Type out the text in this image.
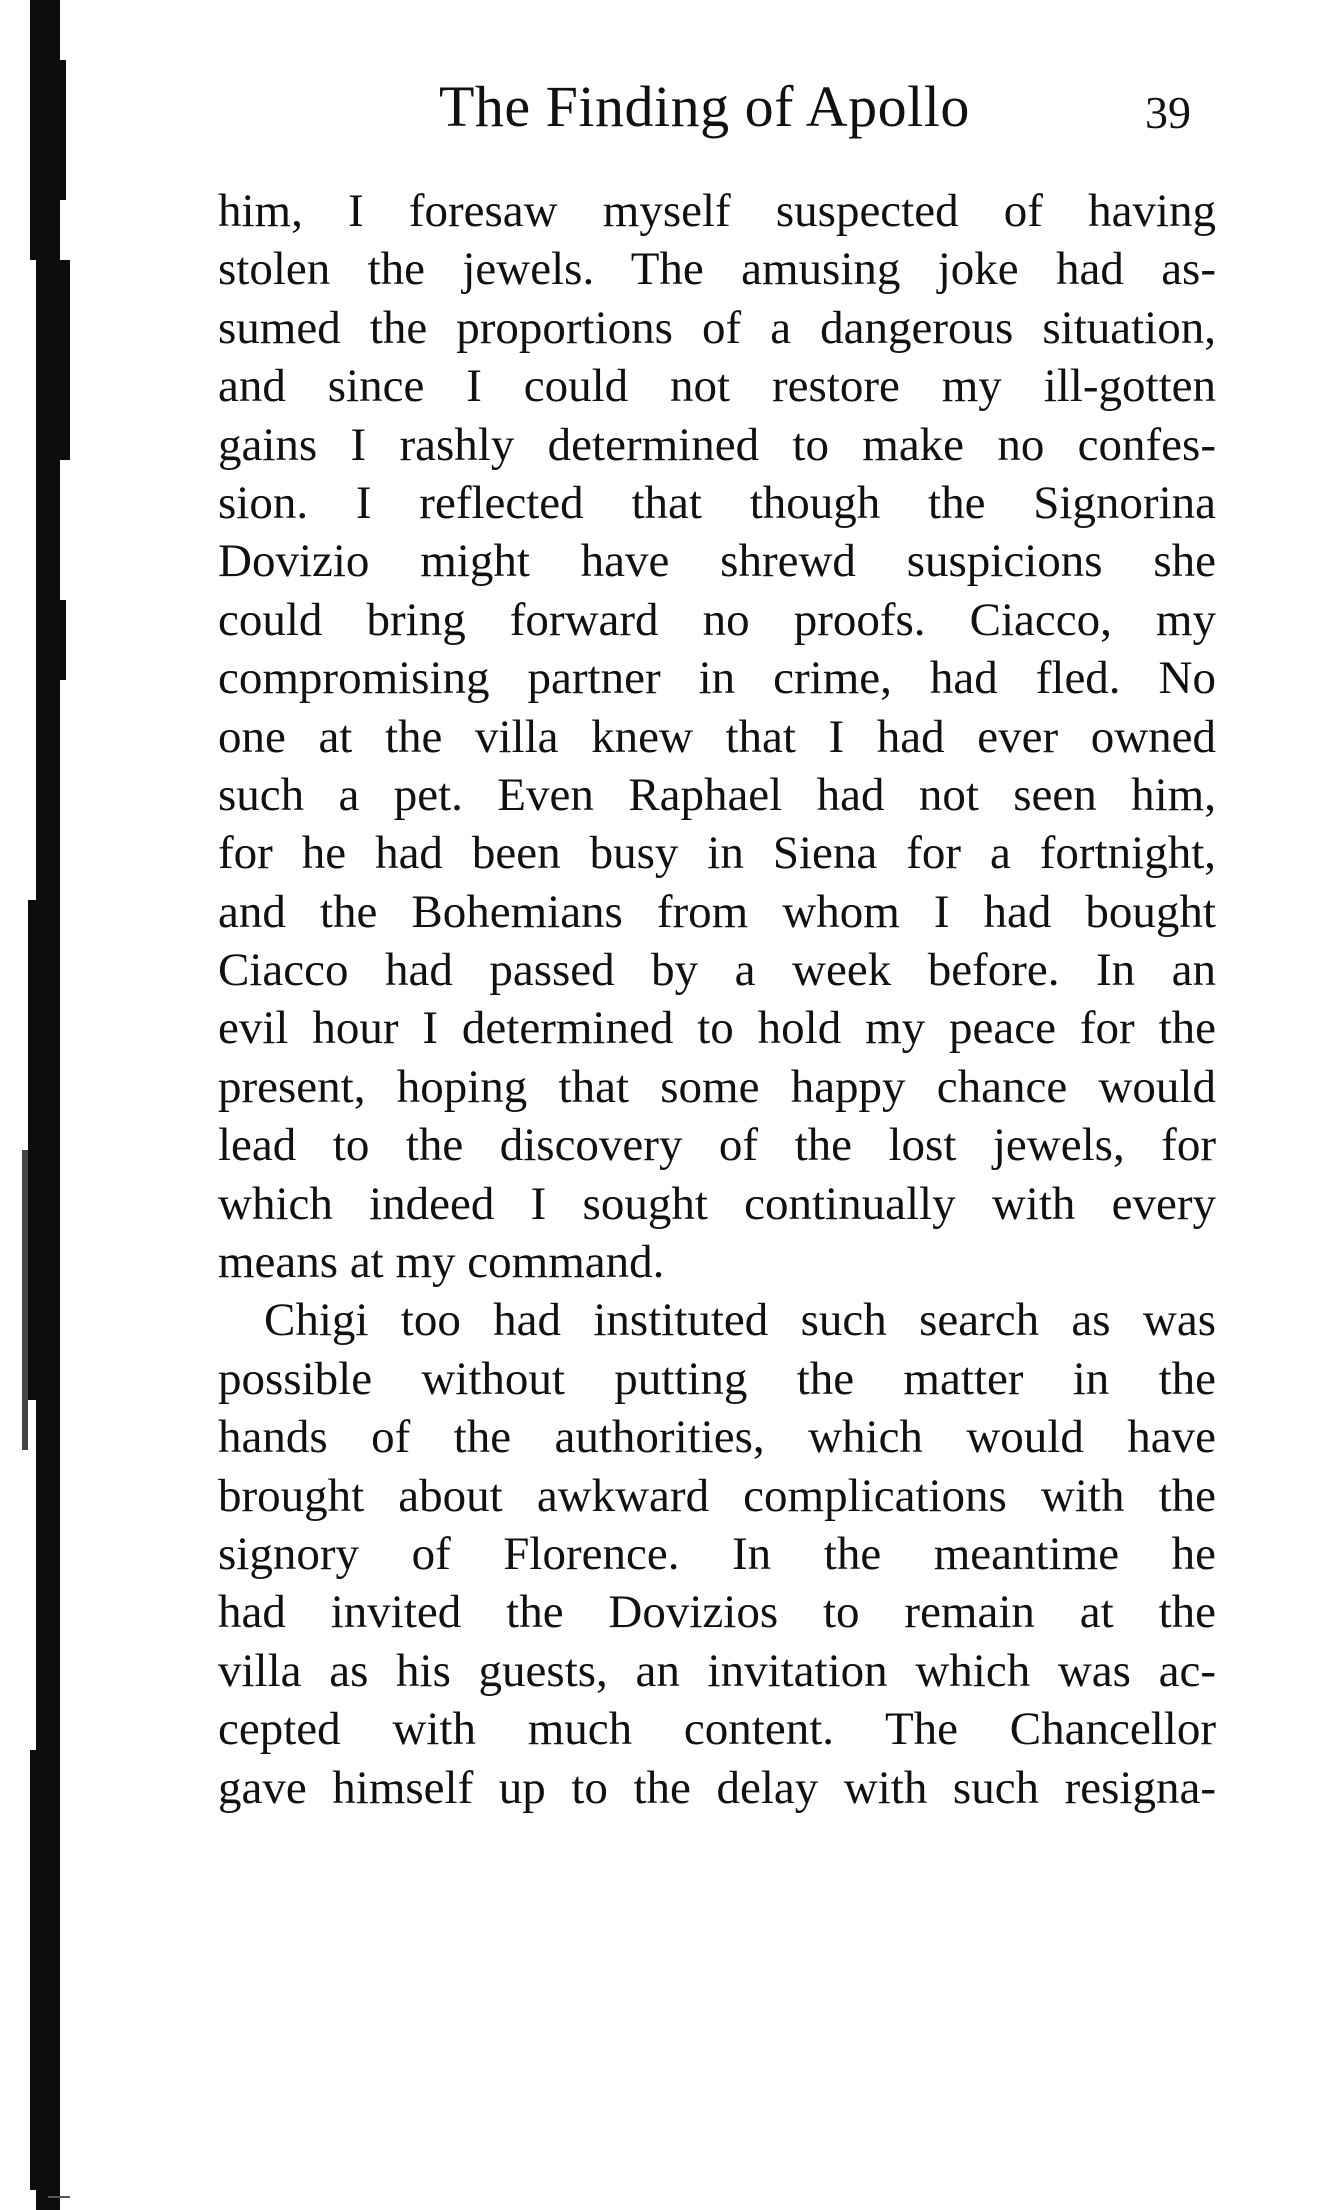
The Finding of Apollo	39
him, I foresaw myself suspected of having
stolen the jewels. The amusing joke had as-
sumed the proportions of a dangerous situation,
and since I could not restore my ill-gotten
gains I rashly determined to make no confes-
sion. I reflected that though the Signorina
Dovizio might have shrewd suspicions she
could bring forward no proofs. Ciacco, my
compromising partner in crime, had fled. No
one at the villa knew that I had ever owned
such a pet. Even Raphael had not seen him,
for he had been busy in Siena for a fortnight,
and the Bohemians from whom I had bought
Ciacco had passed by a week before. In an
evil hour I determined to hold my peace for the
present, hoping that some happy chance would
lead to the discovery of the lost jewels, for
which indeed I sought continually with every
means at my command.
Chigi too had instituted such search as was
possible without putting the matter in the
hands of the authorities, which would have
brought about awkward complications with the
signory of Florence. In the meantime he
had invited the Dovizios to remain at the
villa as his guests, an invitation which was ac-
cepted with much content. The Chancellor
gave himself up to the delay with such resigna-
